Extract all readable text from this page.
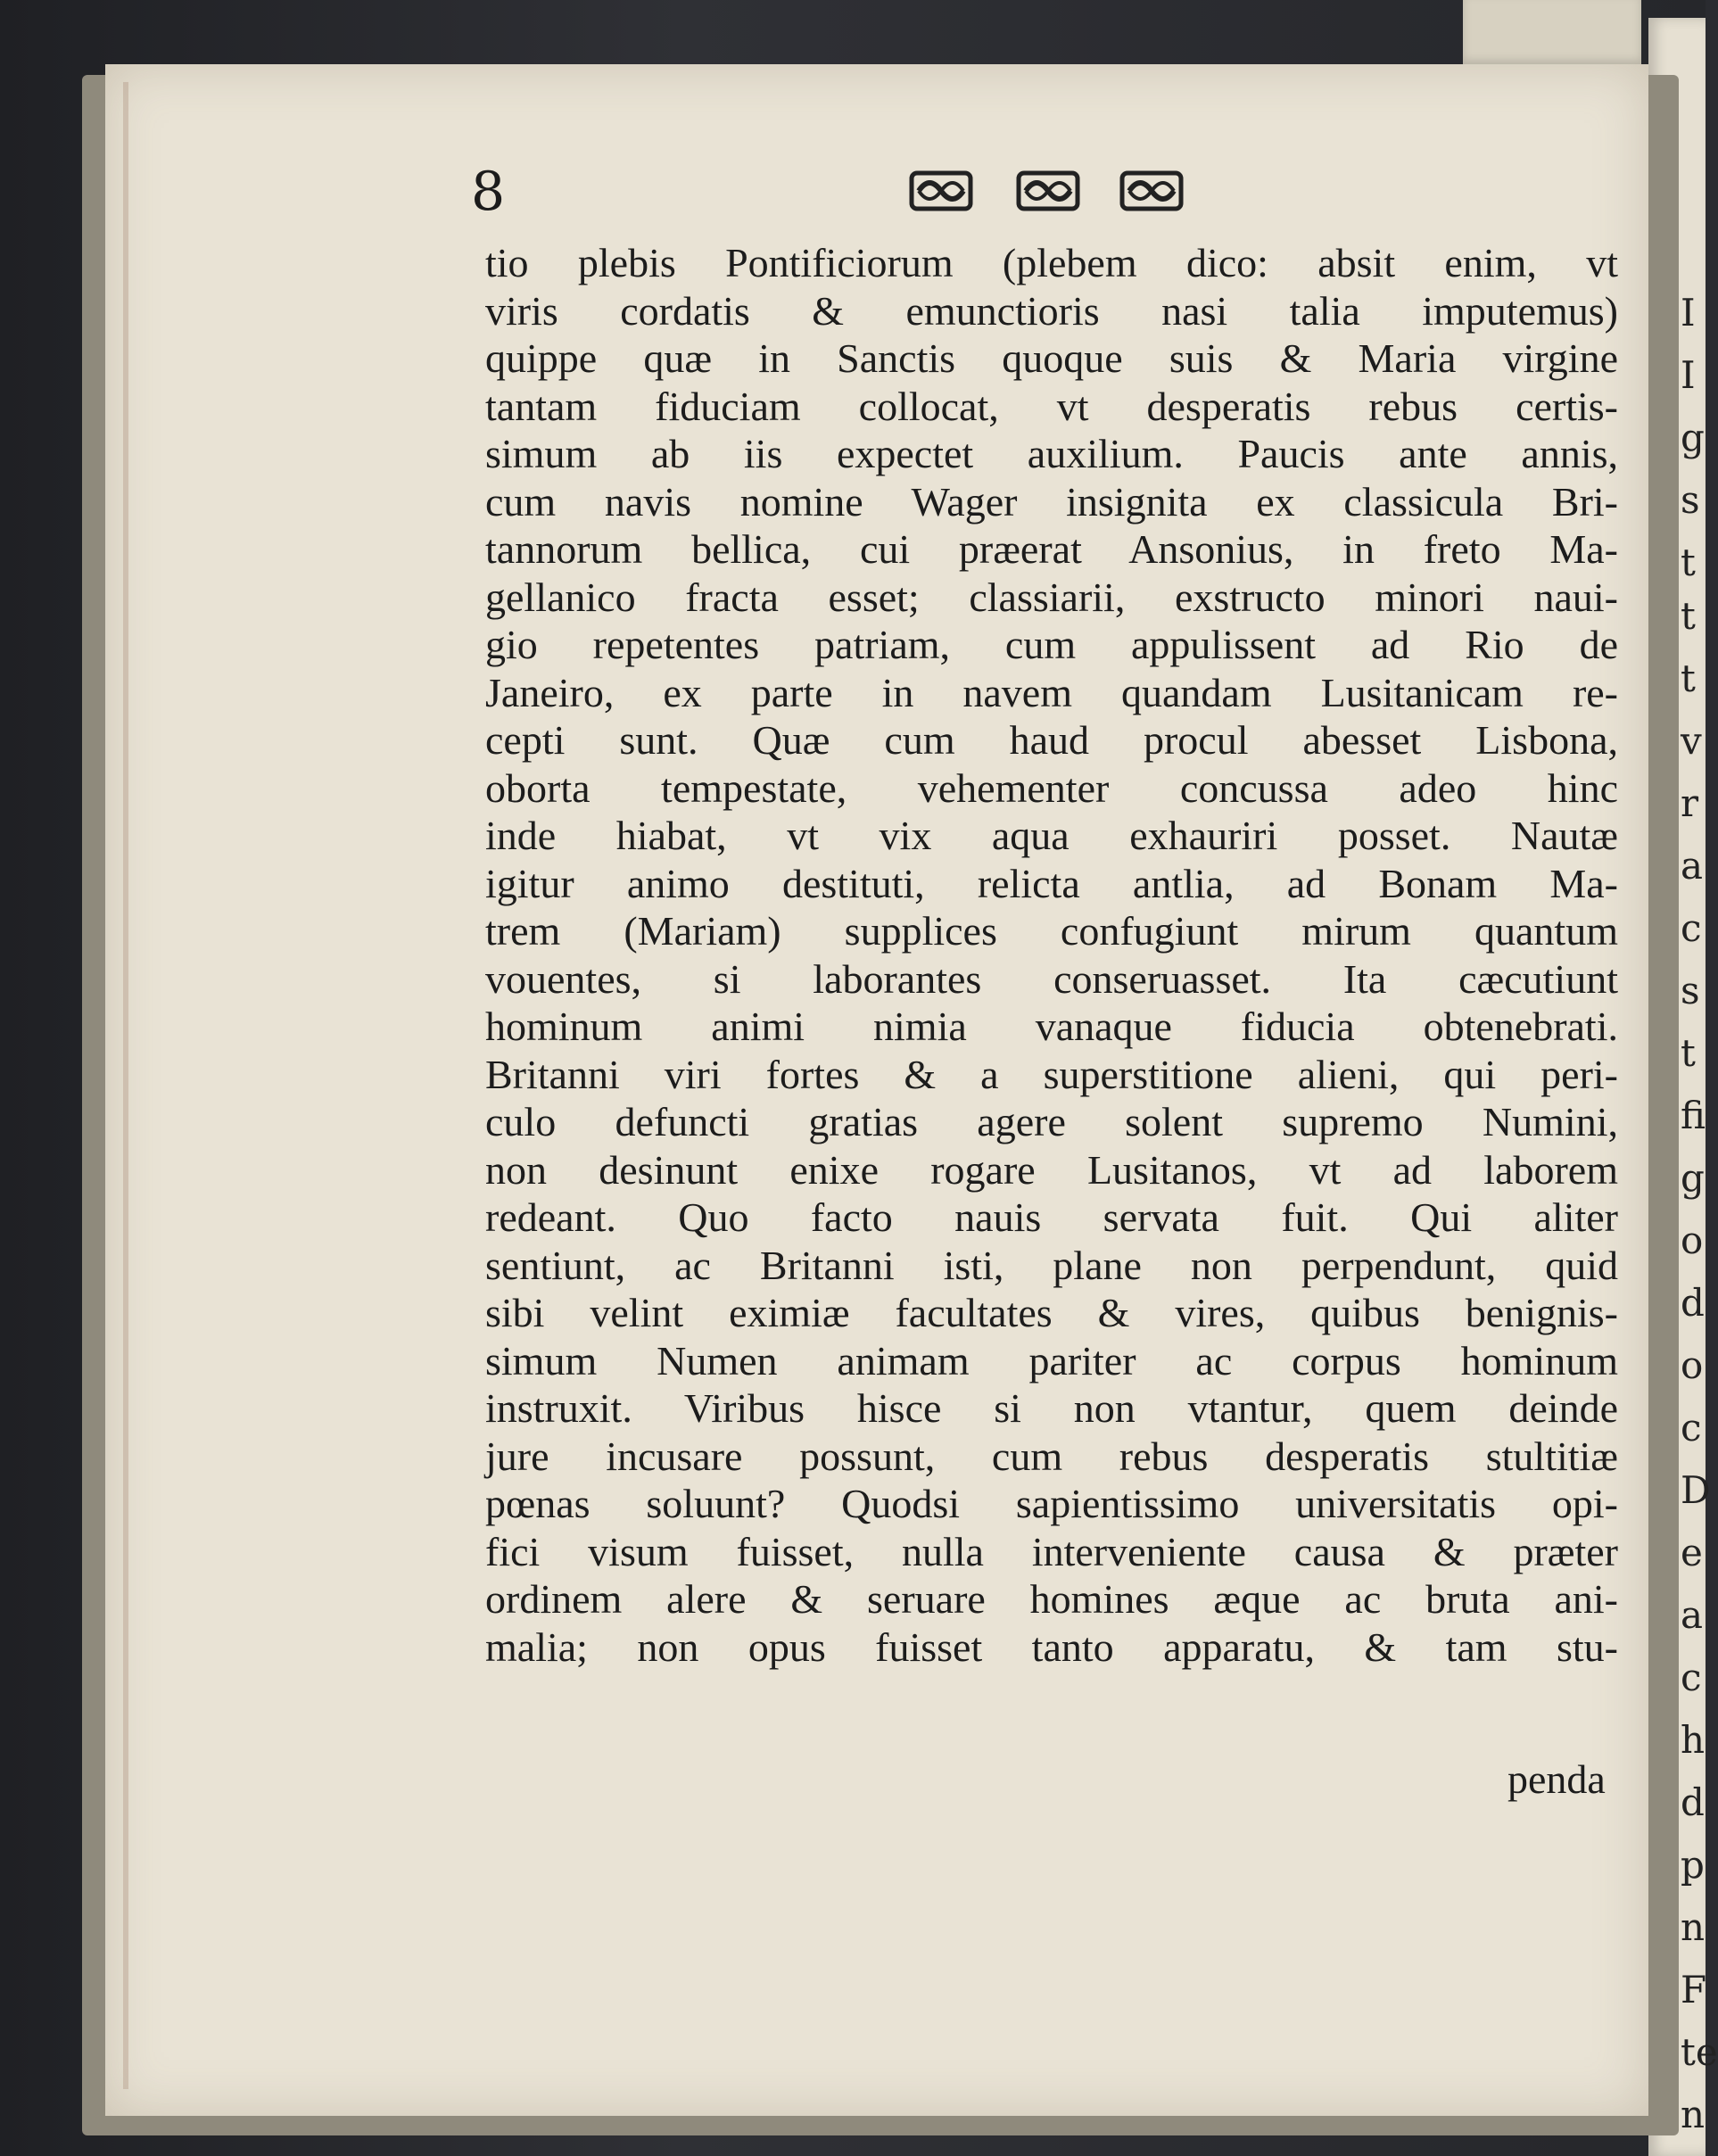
I
I
g
s
t
t
t
v
r
a
c
s
t
fi
g
o
d
o
c
D
e
a
c
h
d
p
n
F
te
n
8
tio plebis Pontificiorum (plebem dico: absit enim, vt
viris cordatis & emunctioris nasi talia imputemus)
quippe quæ in Sanctis quoque suis & Maria virgine
tantam fiduciam collocat, vt desperatis rebus certis-
simum ab iis expectet auxilium. Paucis ante annis,
cum navis nomine Wager insignita ex classicula Bri-
tannorum bellica, cui præerat Ansonius, in freto Ma-
gellanico fracta esset; classiarii, exstructo minori naui-
gio repetentes patriam, cum appulissent ad Rio de
Janeiro, ex parte in navem quandam Lusitanicam re-
cepti sunt. Quæ cum haud procul abesset Lisbona,
oborta tempestate, vehementer concussa adeo hinc
inde hiabat, vt vix aqua exhauriri posset. Nautæ
igitur animo destituti, relicta antlia, ad Bonam Ma-
trem (Mariam) supplices confugiunt mirum quantum
vouentes, si laborantes conseruasset. Ita cæcutiunt
hominum animi nimia vanaque fiducia obtenebrati.
Britanni viri fortes & a superstitione alieni, qui peri-
culo defuncti gratias agere solent supremo Numini,
non desinunt enixe rogare Lusitanos, vt ad laborem
redeant. Quo facto nauis servata fuit. Qui aliter
sentiunt, ac Britanni isti, plane non perpendunt, quid
sibi velint eximiæ facultates & vires, quibus benignis-
simum Numen animam pariter ac corpus hominum
instruxit. Viribus hisce si non vtantur, quem deinde
jure incusare possunt, cum rebus desperatis stultitiæ
pœnas soluunt? Quodsi sapientissimo universitatis opi-
fici visum fuisset, nulla interveniente causa & præter
ordinem alere & seruare homines æque ac bruta ani-
malia; non opus fuisset tanto apparatu, & tam stu-
penda
